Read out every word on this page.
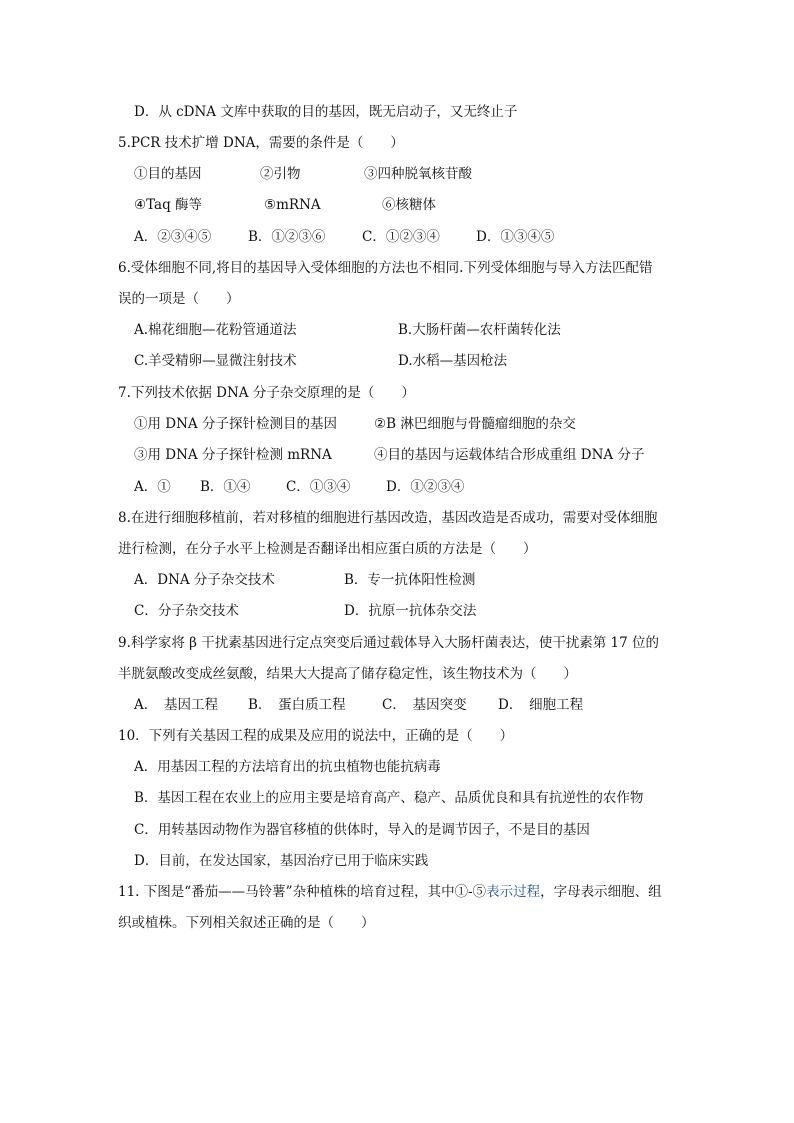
D．从 cDNA 文库中获取的目的基因，既无启动子，又无终止子
5.PCR 技术扩增 DNA，需要的条件是（　　）
①目的基因	②引物	③四种脱氧核苷酸
④Taq 酶等	⑤mRNA	⑥核糖体
A．②③④⑤	B．①②③⑥	C．①②③④	D．①③④⑤
6.受体细胞不同,将目的基因导入受体细胞的方法也不相同.下列受体细胞与导入方法匹配错
误的一项是（　　）
A.棉花细胞—花粉管通道法	B.大肠杆菌—农杆菌转化法
C.羊受精卵—显微注射技术	D.水稻—基因枪法
7.下列技术依据 DNA 分子杂交原理的是（　　）
①用 DNA 分子探针检测目的基因	②B 淋巴细胞与骨髓瘤细胞的杂交
③用 DNA 分子探针检测 mRNA	④目的基因与运载体结合形成重组 DNA 分子
A．① B．①④	C．①③④	D．①②③④
8.在进行细胞移植前，若对移植的细胞进行基因改造，基因改造是否成功，需要对受体细胞
进行检测，在分子水平上检测是否翻译出相应蛋白质的方法是（　　）
A．DNA 分子杂交技术	B．专一抗体阳性检测
C．分子杂交技术	D．抗原一抗体杂交法
9.科学家将 β 干扰素基因进行定点突变后通过载体导入大肠杆菌表达，使干扰素第 17 位的
半胱氨酸改变成丝氨酸，结果大大提高了储存稳定性，该生物技术为（　　）
A．　基因工程 B．　蛋白质工程	C．　基因突变 D．　细胞工程
10．下列有关基因工程的成果及应用的说法中，正确的是（　　）
A．用基因工程的方法培育出的抗虫植物也能抗病毒
B．基因工程在农业上的应用主要是培育高产、稳产、品质优良和具有抗逆性的农作物
C．用转基因动物作为器官移植的供体时，导入的是调节因子，不是目的基因
D．目前，在发达国家，基因治疗已用于临床实践
11. 下图是“番茄——马铃薯”杂种植株的培育过程，其中①-⑤表示过程，字母表示细胞、组
织或植株。下列相关叙述正确的是（　　）
